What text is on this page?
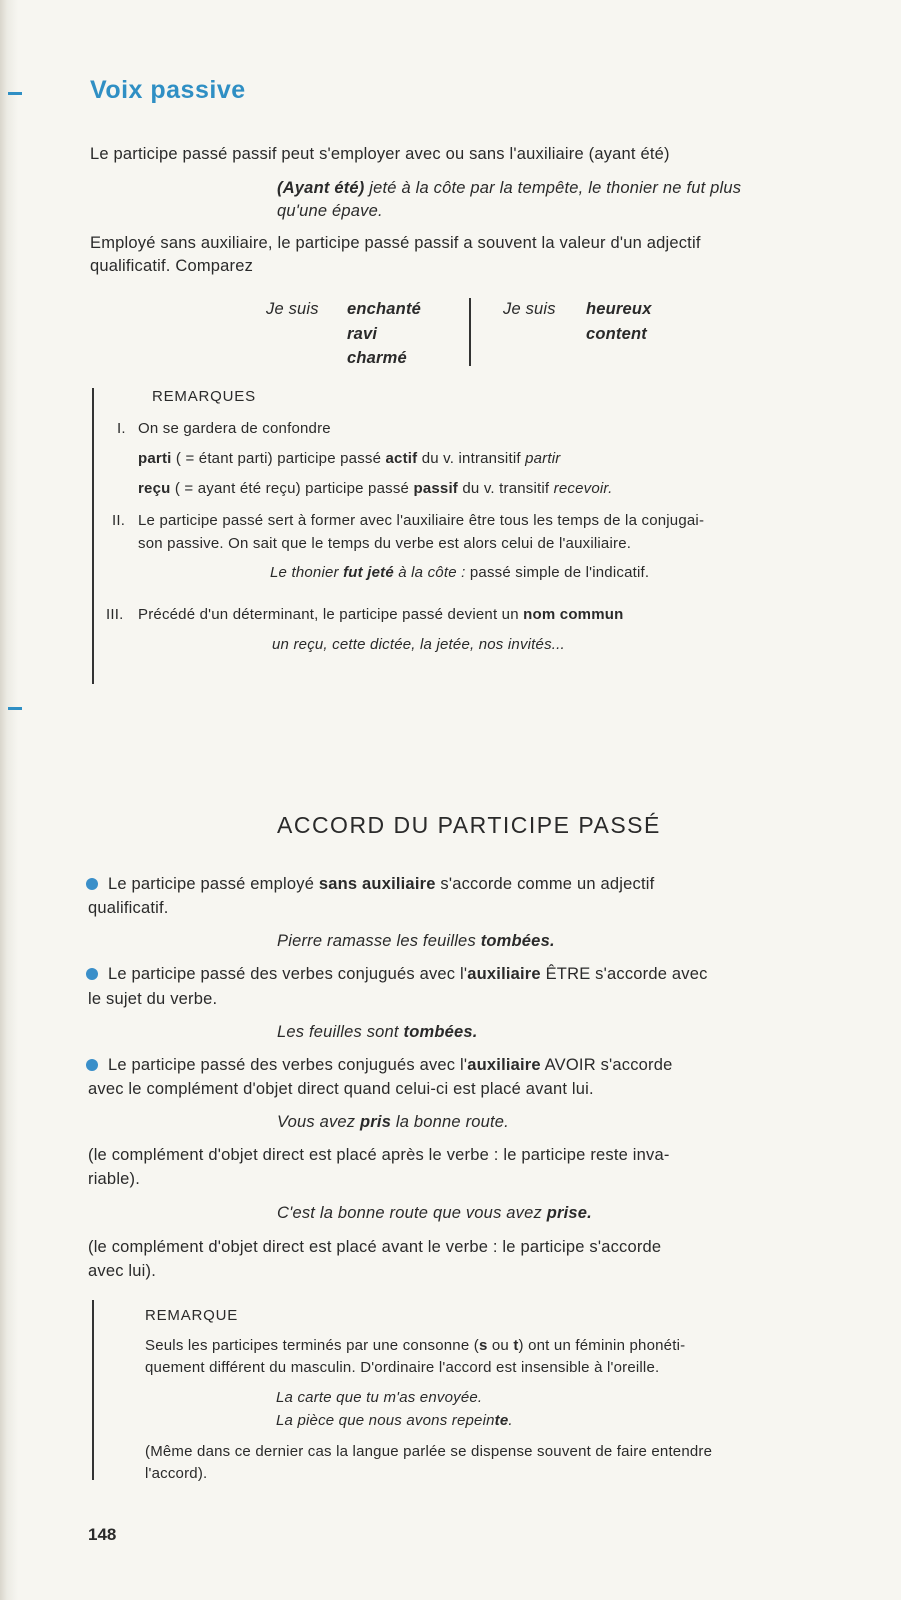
Voix passive
Le participe passé passif peut s'employer avec ou sans l'auxiliaire (ayant été)
(Ayant été) jeté à la côte par la tempête, le thonier ne fut plus
qu'une épave.
Employé sans auxiliaire, le participe passé passif a souvent la valeur d'un adjectif
qualificatif. Comparez
Je suis enchanté
ravi
charmé
Je suis heureux
content
REMARQUES
I. On se gardera de confondre
parti ( = étant parti) participe passé actif du v. intransitif partir
reçu ( = ayant été reçu) participe passé passif du v. transitif recevoir.
II. Le participe passé sert à former avec l'auxiliaire être tous les temps de la conjugai-
son passive. On sait que le temps du verbe est alors celui de l'auxiliaire.
Le thonier fut jeté à la côte : passé simple de l'indicatif.
III. Précédé d'un déterminant, le participe passé devient un nom commun
un reçu, cette dictée, la jetée, nos invités...
ACCORD DU PARTICIPE PASSÉ
Le participe passé employé sans auxiliaire s'accorde comme un adjectif
qualificatif.
Pierre ramasse les feuilles tombées.
Le participe passé des verbes conjugués avec l'auxiliaire ÊTRE s'accorde avec
le sujet du verbe.
Les feuilles sont tombées.
Le participe passé des verbes conjugués avec l'auxiliaire AVOIR s'accorde
avec le complément d'objet direct quand celui-ci est placé avant lui.
Vous avez pris la bonne route.
(le complément d'objet direct est placé après le verbe : le participe reste inva-
riable).
C'est la bonne route que vous avez prise.
(le complément d'objet direct est placé avant le verbe : le participe s'accorde
avec lui).
REMARQUE
Seuls les participes terminés par une consonne (s ou t) ont un féminin phonéti-
quement différent du masculin. D'ordinaire l'accord est insensible à l'oreille.
La carte que tu m'as envoyée.
La pièce que nous avons repeinte.
(Même dans ce dernier cas la langue parlée se dispense souvent de faire entendre
l'accord).
148
